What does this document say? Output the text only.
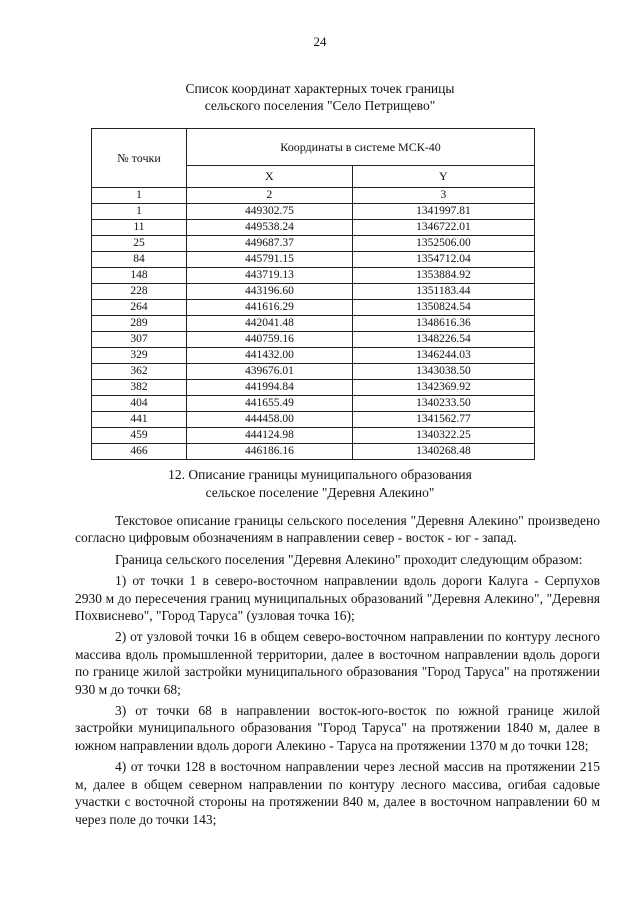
24
Список координат характерных точек границы
сельского поселения "Село Петрищево"
№ точки	Координаты в системе МСК-40	
	X	Y
1	2	3
1	449302.75	1341997.81
11	449538.24	1346722.01
25	449687.37	1352506.00
84	445791.15	1354712.04
148	443719.13	1353884.92
228	443196.60	1351183.44
264	441616.29	1350824.54
289	442041.48	1348616.36
307	440759.16	1348226.54
329	441432.00	1346244.03
362	439676.01	1343038.50
382	441994.84	1342369.92
404	441655.49	1340233.50
441	444458.00	1341562.77
459	444124.98	1340322.25
466	446186.16	1340268.48
12. Описание границы муниципального образования
сельское поселение "Деревня Алекино"

Текстовое описание границы сельского поселения "Деревня Алекино" произведено согласно цифровым обозначениям в направлении север - восток - юг - запад.

Граница сельского поселения "Деревня Алекино" проходит следующим образом:

1) от точки 1 в северо-восточном направлении вдоль дороги Калуга - Серпухов 2930 м до пересечения границ муниципальных образований "Деревня Алекино", "Деревня Похвиснево", "Город Таруса" (узловая точка 16);

2) от узловой точки 16 в общем северо-восточном направлении по контуру лесного массива вдоль промышленной территории, далее в восточном направлении вдоль дороги по границе жилой застройки муниципального образования "Город Таруса" на протяжении 930 м до точки 68;

3) от точки 68 в направлении восток-юго-восток по южной границе жилой застройки муниципального образования "Город Таруса" на протяжении 1840 м, далее в южном направлении вдоль дороги Алекино - Таруса на протяжении 1370 м до точки 128;

4) от точки 128 в восточном направлении через лесной массив на протяжении 215 м, далее в общем северном направлении по контуру лесного массива, огибая садовые участки с восточной стороны на протяжении 840 м, далее в восточном направлении 60 м через поле до точки 143;
